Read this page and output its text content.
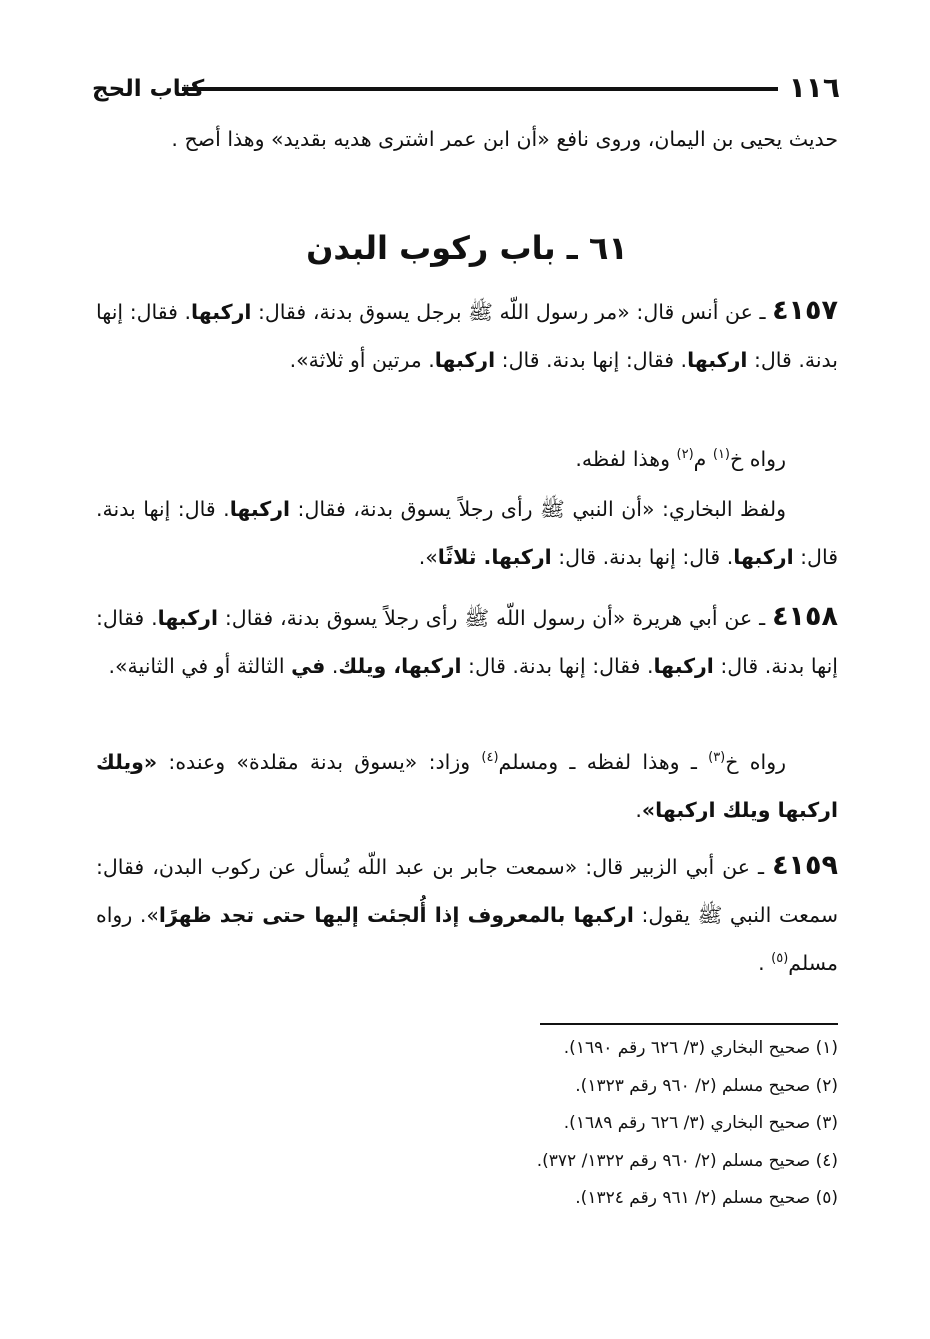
١١٦
كتاب الحج
حديث يحيى بن اليمان، وروى نافع «أن ابن عمر اشترى هديه بقديد» وهذا أصح .
٦١ ـ باب ركوب البدن
٤١٥٧ ـ عن أنس قال: «مر رسول اللّه ﷺ برجل يسوق بدنة، فقال: اركبها. فقال: إنها بدنة. قال: اركبها. فقال: إنها بدنة. قال: اركبها. مرتين أو ثلاثة».
رواه خ$^{(١)}$ م$^{(٢)}$ وهذا لفظه.
ولفظ البخاري: «أن النبي ﷺ رأى رجلاً يسوق بدنة، فقال: اركبها. قال: إنها بدنة. قال: اركبها. قال: إنها بدنة. قال: اركبها. ثلاثًا».
٤١٥٨ ـ عن أبي هريرة «أن رسول اللّه ﷺ رأى رجلاً يسوق بدنة، فقال: اركبها. فقال: إنها بدنة. قال: اركبها. فقال: إنها بدنة. قال: اركبها، ويلك. في الثالثة أو في الثانية».
رواه خ$^{(٣)}$ ـ وهذا لفظه ـ ومسلم$^{(٤)}$ وزاد: «يسوق بدنة مقلدة» وعنده: «ويلك اركبها ويلك اركبها».
٤١٥٩ ـ عن أبي الزبير قال: «سمعت جابر بن عبد اللّه يُسأل عن ركوب البدن، فقال: سمعت النبي ﷺ يقول: اركبها بالمعروف إذا أُلجئت إليها حتى تجد ظهرًا». رواه مسلم$^{(٥)}$ .
(١) صحيح البخاري (٣/ ٦٢٦ رقم ١٦٩٠).
(٢) صحيح مسلم (٢/ ٩٦٠ رقم ١٣٢٣).
(٣) صحيح البخاري (٣/ ٦٢٦ رقم ١٦٨٩).
(٤) صحيح مسلم (٢/ ٩٦٠ رقم ١٣٢٢/ ٣٧٢).
(٥) صحيح مسلم (٢/ ٩٦١ رقم ١٣٢٤).
